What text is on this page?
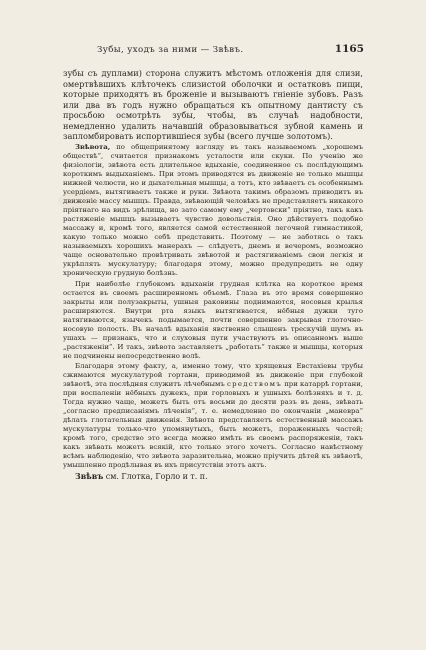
Зубы, уходъ за ними — Звѣвъ.	1165

зубы съ дуплами) сторона служитъ мѣстомъ отложенія для слизи, омертвѣвшихъ клѣточекъ слизистой оболочки и остатковъ пищи, которые приходятъ въ броженіе и вызываютъ гніеніе зубовъ. Разъ или два въ годъ нужно обращаться къ опытному дантисту съ просьбою осмотрѣть зубы, чтобы, въ случаѣ надобности, немедленно удалить начавшій образовываться зубной камень и запломбировать испортившіеся зубы (всего лучше золотомъ).

Звѣвота, по общепринятому взгляду въ такъ называемомъ „хорошемъ обществѣ“, считается признакомъ усталости или скуки. По ученію же физіологіи, звѣвота есть длительное вдыханіе, соединенное съ послѣдующимъ короткимъ выдыханіемъ. При этомъ приводятся въ движеніе не только мышцы нижней челюсти, но и дыхательныя мышцы, а тотъ, кто звѣваетъ съ особеннымъ усердіемъ, вытягиваетъ также и руки. Звѣвота такимъ образомъ приводитъ въ движеніе массу мышцъ. Правда, звѣвающій человѣкъ не представляетъ никакого пріятнаго на видъ зрѣлища, но зато самому ему „чертовски“ пріятно, такъ какъ растяженіе мышцъ вызываетъ чувство довольствія. Оно дѣйствуетъ подобно массажу и, кромѣ того, является самой естественной легочной гимнастикой, какую только можно себѣ представить. Поэтому — не заботясь о такъ называемыхъ хорошихъ манерахъ — слѣдуетъ, днемъ и вечеромъ, возможно чаще основательно провѣтривать звѣвотой и растягиваніемъ свои легкія и укрѣплять мускулатуру; благодаря этому, можно предупредить не одну хроническую грудную болѣзнь.

При наиболѣе глубокомъ вдыханіи грудная клѣтка на короткое время остается въ своемъ расширенномъ объемѣ. Глаза въ это время совершенно закрыты или полузакрыты, ушныя раковины поднимаются, носовыя крылья расширяются. Внутри рта языкъ вытягивается, нёбныя дужки туго натягиваются, язычекъ подымается, почти совершенно закрывая глоточно-носовую полость. Въ началѣ вдыханія явственно слышенъ трескучій шумъ въ ушахъ — признакъ, что и слуховыя пути участвуютъ въ описанномъ выше „растяженіи“. И такъ, звѣвота заставляетъ „работать“ также и мышцы, которыя не подчинены непосредственно волѣ.

Благодаря этому факту, а, именно тому, что хрящевыя Евстахіевы трубы сжимаются мускулатурой гортани, приводимой въ движеніе при глубокой звѣвотѣ, эта послѣдняя служитъ лѣчебнымъ средствомъ при катаррѣ гортани, при воспаленіи нёбныхъ дужекъ, при горловыхъ и ушныхъ болѣзняхъ и т. д. Тогда нужно чаще, можетъ быть отъ восьми до десяти разъ въ день, звѣвать „согласно предписаніямъ лѣченія“, т. е. немедленно по окончаніи „маневра“ дѣлать глотательныя движенія. Звѣвота представляетъ естественный массажъ мускулатуры только-что упомянутыхъ, быть можетъ, пораженныхъ частей; кромѣ того, средство это всегда можно имѣть въ своемъ распоряженіи, такъ какъ звѣвать можетъ всякій, кто только этого хочетъ. Согласно навѣстному всѣмъ наблюденію, что звѣвота заразительна, можно пріучить дѣтей къ звѣвотѣ, умышленно продѣлывая въ ихъ присутствіи этотъ актъ.

Звѣвъ см. Глотка, Горло и т. п.
